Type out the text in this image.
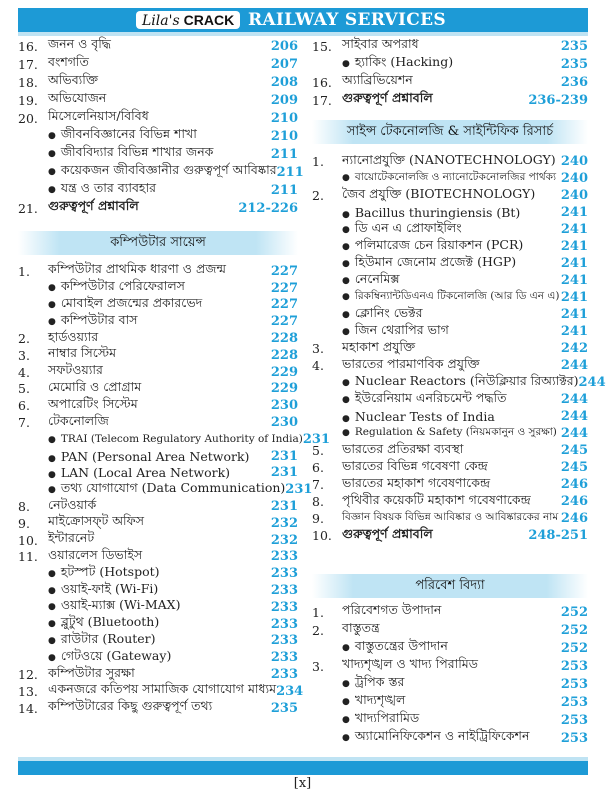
Lila's CRACK RAILWAY SERVICES
16. জনন ও বৃদ্ধি	206
17. বংশগতি	207
18. অভিব্যক্তি	208
19. অভিযোজন	209
20. মিসেলেনিয়াস/বিবিধ	210
● জীবনবিজ্ঞানের বিভিন্ন শাখা	210
● জীববিদ্যার বিভিন্ন শাখার জনক	211
● কয়েকজন জীববিজ্ঞানীর গুরুত্বপূর্ণ আবিষ্কার 211
● যন্ত্র ও তার ব্যাবহার	211
21. গুরুত্বপূর্ণ প্রশ্নাবলি	212-226
কম্পিউটার সায়েন্স
1.	কম্পিউটার প্রাথমিক ধারণা ও প্রজন্ম	227
● কম্পিউটার পেরিফেরালস	227
● মোবাইল প্রজন্মের প্রকারভেদ	227
● কম্পিউটার বাস	227
2.	হার্ডওয়্যার	228
3.	নাম্বার সিস্টেম	228
4.	সফটওয়্যার	229
5.	মেমোরি ও প্রোগ্রাম	229
6.	অপারেটিং সিস্টেম	230
7.	টেকনোলজি	230
● TRAI (Telecom Regulatory Authority of India) 231
● PAN (Personal Area Network)	231
● LAN (Local Area Network)	231
● তথ্য যোগাযোগ (Data Communication) 231
8.	নেটওয়ার্ক	231
9.	মাইক্রোসফ্‌ট অফিস	232
10. ইন্টারনেট	232
11. ওয়ারলেস ডিভাইস	233
● হটস্পট (Hotspot)	233
● ওয়াই-ফাই (Wi-Fi)	233
● ওয়াই-ম্যাক্স (Wi-MAX)	233
● ব্লুটুথ (Bluetooth)	233
● রাউটার (Router)	233
● গেটওয়ে (Gateway)	233
12. কম্পিউটার সুরক্ষা	233
13. একনজরে কতিপয় সামাজিক যোগাযোগ মাধ্যম 234
14. কম্পিউটারের কিছু গুরুত্বপূর্ণ তথ্য	235
15. সাইবার অপরাধ	235
● হ্যাকিং (Hacking)	235
16. অ্যাব্রিভিয়েশন	236
17. গুরুত্বপূর্ণ প্রশ্নাবলি	236-239
সাইন্স টেকনোলজি & সাইন্টিফিক রিসার্চ
1.	ন্যানোপ্রযুক্তি (NANOTECHNOLOGY) 240
● বায়োটেকনোলজি ও ন্যানোটেকনোলজির পার্থক্য 240
2.	জৈব প্রযুক্তি (BIOTECHNOLOGY)	240
● Bacillus thuringiensis (Bt)	241
● ডি এন এ প্রোফাইলিং	241
● পলিমারেজ চেন রিয়াকশন (PCR)	241
● হিউমান জেনোম প্রজেক্ট (HGP)	241
● নেনেমিক্স	241
● রিকম্বিন্যান্টডিএনএ টিকনোলজি (আর ডি এন এ) 241
● ক্লোনিং ভেক্টর	241
● জিন থেরাপির ভাগ	241
3.	মহাকাশ প্রযুক্তি	242
4.	ভারতের পারমাণবিক প্রযুক্তি	244
● Nuclear Reactors (নিউক্লিয়ার রিঅ্যাক্টর) 244
● ইউরেনিয়াম এনরিচমেন্ট পদ্ধতি	244
● Nuclear Tests of India	244
● Regulation & Safety (নিয়মকানুন ও সুরক্ষা) 244
5.	ভারতের প্রতিরক্ষা ব্যবস্থা	245
6.	ভারতের বিভিন্ন গবেষণা কেন্দ্র	245
7.	ভারতের মহাকাশ গবেষণাকেন্দ্র	246
8.	পৃথিবীর কয়েকটি মহাকাশ গবেষণাকেন্দ্র	246
9.	বিজ্ঞান বিষয়ক বিভিন্ন আবিষ্কার ও আবিষ্কারকের নাম 246
10. গুরুত্বপূর্ণ প্রশ্নাবলি	248-251
পরিবেশ বিদ্যা
1.	পরিবেশগত উপাদান	252
2.	বাস্তুতন্ত্র	252
● বাস্তুতন্ত্রের উপাদান	252
3.	খাদ্যশৃঙ্খল ও খাদ্য পিরামিড	253
● ট্রপিক স্তর	253
● খাদ্যশৃঙ্খল	253
● খাদ্যপিরামিড	253
● অ্যামোনিফিকেশন ও নাইট্রিফিকেশন	253
[x]
